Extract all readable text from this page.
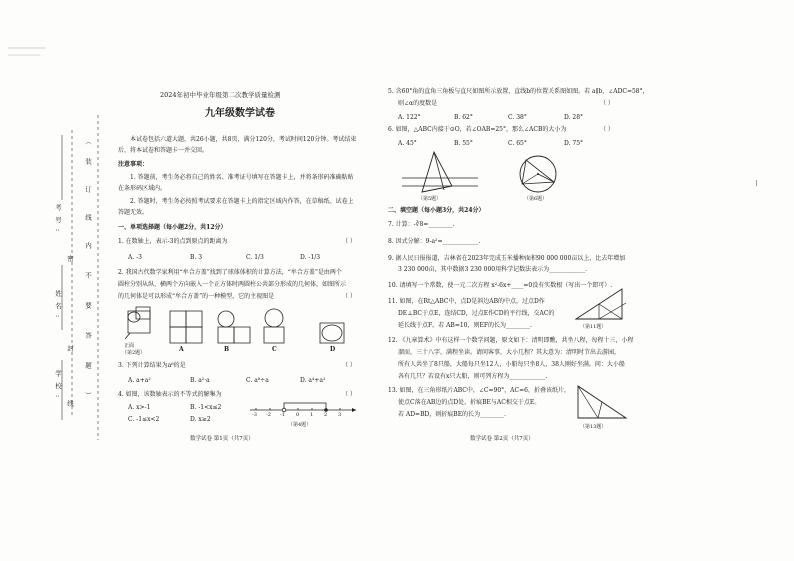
考号:
姓名:
学校:
密
封
线
装
订
线
内
不
要
答
题
）
（
2024年初中毕业年级第二次教学质量检测
九年级数学试卷
本试卷包括六道大题，共26小题，共8页，满分120分，考试时间120分钟。考试结束
后，将本试卷和答题卡一并交回。
注意事项：
1. 答题前，考生务必将自己的姓名、准考证号填写在答题卡上，并将条形码准确粘贴
在条形码区域内。
2. 答题时，考生务必按照考试要求在答题卡上的指定区域内作答，在草稿纸、试卷上
答题无效。
一、单项选择题（每小题2分，共12分）
1. 在数轴上，表示-3的点到原点的距离为	（ ）
A. -3	B. 3	C. 1/3	D. -1/3
2. 我国古代数学家利用“牟合方盖”找到了球体体积的计算方法，“牟合方盖”是由两个
圆柱分别从纵、横两个方向嵌入一个正方体时两圆柱公共部分形成的几何体，如图所示
的几何体是可以形成“牟合方盖”的一种模型，它的主视图是	（ ）
正面
（第2题）	A	B	C	D
3. 下列计算结果为a⁶的是	（ ）
A. a+a²	B. a²·a	C. a⁸÷a	D. a⁴+a²
4. 如图，该数轴表示的不等式的解集为	（ ）
A. x>-1	B. -1<x≤2
C. -1≤x<2	D. x≥2
-3 -2 -1 0 1 2 3
（第4题）
数学试卷 第1页（共7页）
5. 含60°角的直角三角板与直尺如图所示放置，直线b的位置关系图如图。若 a∥b，∠ADC=58°，
则∠α的度数是	（ ）
A. 122°	B. 62°	C. 38°	D. 28°
6. 如图，△ABC内接于⊙O，若∠OAB=25°，那么∠ACB的大小为	（ ）
A. 45°	B. 55°	C. 65°	D. 75°
（第5题）	（第6题）
二、填空题（每小题3分，共24分）
7. 计算：-∛8=________.
8. 因式分解：9-a²=____________.
9. 据人民日报报道，吉林省在2023年完成玉米播种面积90 000 000亩以上，比去年增加
3 230 000亩，其中数据3 230 000用科学记数法表示为____________.
10. 请填写一个常数，使一元二次方程 x²-6x+____=0没有实数根（写出一个即可）.
11. 如图，在Rt△ABC中，点D是斜边AB的中点，过点D作
DE⊥BC于点E，连结CD，过点E作CD的平行线，交AC的
延长线于点F。若 AB=10，则EF的长为________.	（第11题）
12. 《九章算术》中有这样一个数学问题，原文如下：清明即醮，共坐八程，每程十三，小程
溜而，三十八字，满程坐读。请问客事，大小几程？其大意为：清明时节出去游园，
所有人共坐了8只船，大船每只坐12人，小船每只坐8人，38人刚好坐满。问：大小船
各有几只？若设有x只大船，则可列方程为____________.
13. 如图，在三角形纸片ABC中，∠C=90°，AC=6，折叠该纸片，
使点C落在AB边的点D处，折痕BE与AC相交于点E。
若 AD=BD，则折痕BE的长为________.
（第13题）
数学试卷 第2页（共7页）
